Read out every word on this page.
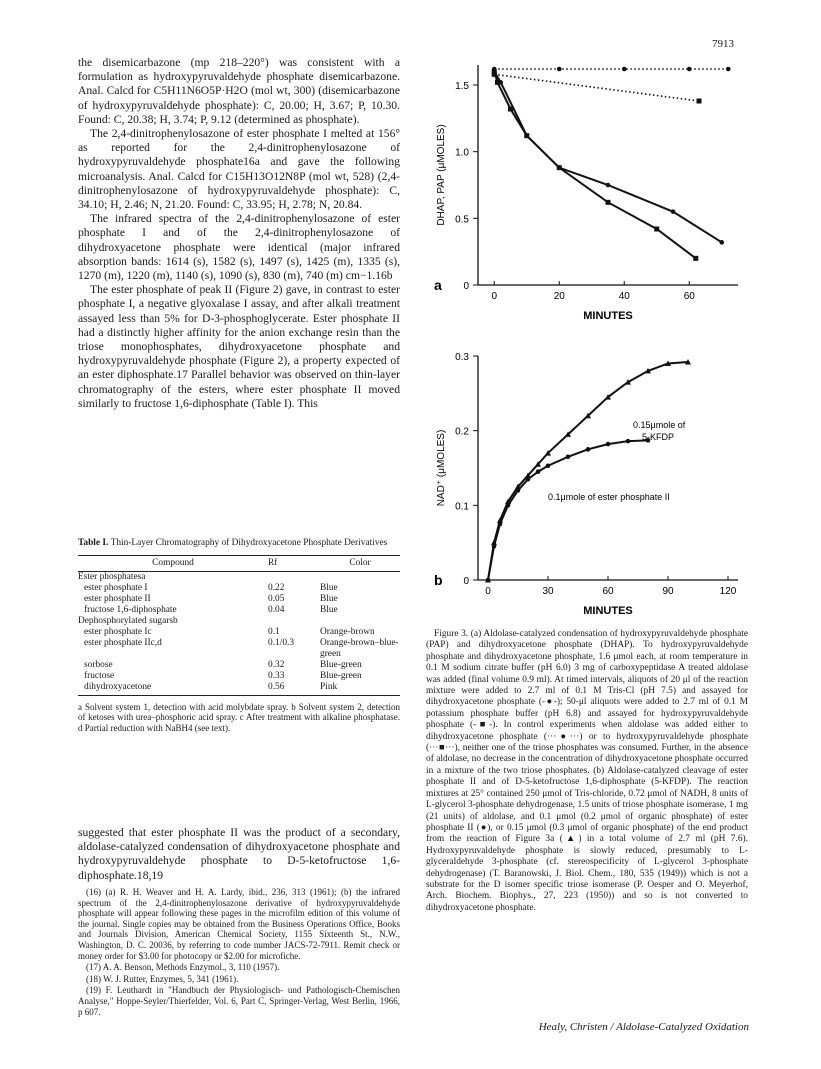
7913

the disemicarbazone (mp 218–220°) was consistent with a formulation as hydroxypyruvaldehyde phosphate disemicarbazone. Anal. Calcd for C5H11N6O5P·H2O (mol wt, 300) (disemicarbazone of hydroxypyruvaldehyde phosphate): C, 20.00; H, 3.67; P, 10.30. Found: C, 20.38; H, 3.74; P, 9.12 (determined as phosphate).

The 2,4-dinitrophenylosazone of ester phosphate I melted at 156° as reported for the 2,4-dinitrophenylosazone of hydroxypyruvaldehyde phosphate16a and gave the following microanalysis. Anal. Calcd for C15H13O12N8P (mol wt, 528) (2,4-dinitrophenylosazone of hydroxypyruvaldehyde phosphate): C, 34.10; H, 2.46; N, 21.20. Found: C, 33.95; H, 2.78; N, 20.84.

The infrared spectra of the 2,4-dinitrophenylosazone of ester phosphate I and of the 2,4-dinitrophenylosazone of dihydroxyacetone phosphate were identical (major infrared absorption bands: 1614 (s), 1582 (s), 1497 (s), 1425 (m), 1335 (s), 1270 (m), 1220 (m), 1140 (s), 1090 (s), 830 (m), 740 (m) cm−1.16b

The ester phosphate of peak II (Figure 2) gave, in contrast to ester phosphate I, a negative glyoxalase I assay, and after alkali treatment assayed less than 5% for D-3-phosphoglycerate. Ester phosphate II had a distinctly higher affinity for the anion exchange resin than the triose monophosphates, dihydroxyacetone phosphate and hydroxypyruvaldehyde phosphate (Figure 2), a property expected of an ester diphosphate.17 Parallel behavior was observed on thin-layer chromatography of the esters, where ester phosphate II moved similarly to fructose 1,6-diphosphate (Table I). This

Table I. Thin-Layer Chromatography of Dihydroxyacetone Phosphate Derivatives

Compound	Rf	Color
Ester phosphatesa		
ester phosphate I	0.22	Blue
ester phosphate II	0.05	Blue
fructose 1,6-diphosphate	0.04	Blue
Dephosphorylated sugarsb		
ester phosphate Ic	0.1	Orange-brown
ester phosphate IIc,d	0.1/0.3	Orange-brown–blue-green
sorbose	0.32	Blue-green
fructose	0.33	Blue-green
dihydroxyacetone	0.56	Pink
a Solvent system 1, detection with acid molybdate spray. b Solvent system 2, detection of ketoses with urea–phosphoric acid spray. c After treatment with alkaline phosphatase. d Partial reduction with NaBH4 (see text).
suggested that ester phosphate II was the product of a secondary, aldolase-catalyzed condensation of dihydroxyacetone phosphate and hydroxypyruvaldehyde phosphate to D-5-ketofructose 1,6-diphosphate.18,19

(16) (a) R. H. Weaver and H. A. Lardy, ibid., 236, 313 (1961); (b) the infrared spectrum of the 2,4-dinitrophenylosazone derivative of hydroxypyruvaldehyde phosphate will appear following these pages in the microfilm edition of this volume of the journal. Single copies may be obtained from the Business Operations Office, Books and Journals Division, American Chemical Society, 1155 Sixteenth St., N.W., Washington, D. C. 20036, by referring to code number JACS-72-7911. Remit check or money order for $3.00 for photocopy or $2.00 for microfiche.

(17) A. A. Benson, Methods Enzymol., 3, 110 (1957).

(18) W. J. Rutter, Enzymes, 5, 341 (1961).

(19) F. Leuthardt in "Handbuch der Physiologisch- und Pathologisch-Chemischen Analyse," Hoppe-Seyler/Thierfelder, Vol. 6, Part C, Springer-Verlag, West Berlin, 1966, p 607.

0	20	40	60
0
0.5
1.0
1.5
MINUTES
DHAP, PAP (μMOLES)
a
0	30	60	90	120
0
0.1
0.2
0.3
MINUTES
NAD⁺ (μMOLES)
b
0.15μmole of
5-KFDP
0.1μmole of ester phosphate II

Figure 3. (a) Aldolase-catalyzed condensation of hydroxypyruvaldehyde phosphate (PAP) and dihydroxyacetone phosphate (DHAP). To hydroxypyruvaldehyde phosphate and dihydroxyacetone phosphate, 1.6 μmol each, at room temperature in 0.1 M sodium citrate buffer (pH 6.0) 3 mg of carboxypeptidase A treated aldolase was added (final volume 0.9 ml). At timed intervals, aliquots of 20 μl of the reaction mixture were added to 2.7 ml of 0.1 M Tris-Cl (pH 7.5) and assayed for dihydroxyacetone phosphate (-●-); 50-μl aliquots were added to 2.7 ml of 0.1 M potassium phosphate buffer (pH 6.8) and assayed for hydroxypyruvaldehyde phosphate (-■-). In control experiments when aldolase was added either to dihydroxyacetone phosphate (···●···) or to hydroxypyruvaldehyde phosphate (···■···), neither one of the triose phosphates was consumed. Further, in the absence of aldolase, no decrease in the concentration of dihydroxyacetone phosphate occurred in a mixture of the two triose phosphates. (b) Aldolase-catalyzed cleavage of ester phosphate II and of D-5-ketofructose 1,6-diphosphate (5-KFDP). The reaction mixtures at 25° contained 250 μmol of Tris-chloride, 0.72 μmol of NADH, 8 units of L-glycerol 3-phosphate dehydrogenase, 1.5 units of triose phosphate isomerase, 1 mg (21 units) of aldolase, and 0.1 μmol (0.2 μmol of organic phosphate) of ester phosphate II (●), or 0.15 μmol (0.3 μmol of organic phosphate) of the end product from the reaction of Figure 3a (▲) in a total volume of 2.7 ml (pH 7.6). Hydroxypyruvaldehyde phosphate is slowly reduced, presumably to L-glyceraldehyde 3-phosphate (cf. stereospecificity of L-glycerol 3-phosphate dehydrogenase) (T. Baranowski, J. Biol. Chem., 180, 535 (1949)) which is not a substrate for the D isomer specific triose isomerase (P. Oesper and O. Meyerhof, Arch. Biochem. Biophys., 27, 223 (1950)) and so is not converted to dihydroxyacetone phosphate.

Healy, Christen / Aldolase-Catalyzed Oxidation
